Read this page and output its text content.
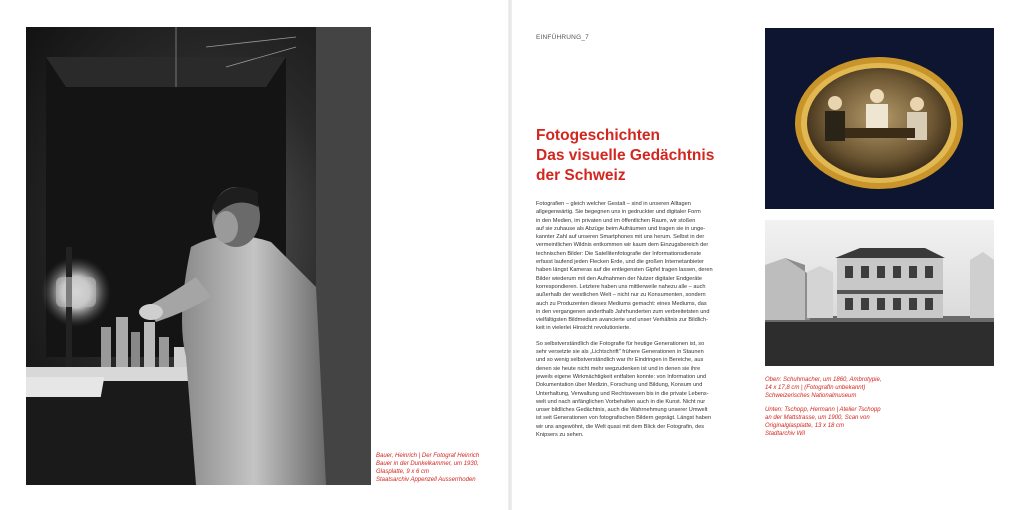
Bauer, Heinrich | Der Fotograf Heinrich
Bauer in der Dunkelkammer, um 1930,
Glasplatte, 9 x 6 cm
Staatsarchiv Appenzell Ausserrhoden
EINFÜHRUNG_7
Fotogeschichten
Das visuelle Gedächtnis
der Schweiz

Fotografien – gleich welcher Gestalt – sind in unseren Alltagen
allgegenwärtig. Sie begegnen uns in gedruckter und digitaler Form
in den Medien, im privaten und im öffentlichen Raum, wir stoßen
auf sie zuhause als Abzüge beim Aufräumen und tragen sie in unge-
kannter Zahl auf unseren Smartphones mit uns herum. Selbst in der
vermeintlichen Wildnis entkommen wir kaum dem Einzugsbereich der
technischen Bilder: Die Satellitenfotografie der Informationsdienste
erfasst laufend jeden Flecken Erde, und die großen Internetanbieter
haben längst Kameras auf die entlegensten Gipfel tragen lassen, deren
Bilder wiederum mit den Aufnahmen der Nutzer digitaler Endgeräte
korrespondieren. Letztere haben uns mittlerweile nahezu alle – auch
außerhalb der westlichen Welt – nicht nur zu Konsumenten, sondern
auch zu Produzenten dieses Mediums gemacht: eines Mediums, das
in den vergangenen anderthalb Jahrhunderten zum verbreitetsten und
vielfältigsten Bildmedium avancierte und unser Verhältnis zur Bildlich-
keit in vielerlei Hinsicht revolutionierte.

So selbstverständlich die Fotografie für heutige Generationen ist, so
sehr versetzte sie als „Lichtschrift" frühere Generationen in Staunen
und so wenig selbstverständlich war ihr Eindringen in Bereiche, aus
denen sie heute nicht mehr wegzudenken ist und in denen sie ihre
jeweils eigene Wirkmächtigkeit entfalten konnte: von Information und
Dokumentation über Medizin, Forschung und Bildung, Konsum und
Unterhaltung, Verwaltung und Rechtswesen bis in die private Lebens-
welt und nach anfänglichen Vorbehalten auch in die Kunst. Nicht nur
unser bildliches Gedächtnis, auch die Wahrnehmung unserer Umwelt
ist seit Generationen von fotografischen Bildern geprägt. Längst haben
wir uns angewöhnt, die Welt quasi mit dem Blick der Fotografin, des
Knipsers zu sehen.

Oben: Schuhmacher, um 1860, Ambrotypie,
14 x 17,8 cm | (FotografIn unbekannt)
Schweizerisches Nationalmuseum

Unten: Tschopp, Hermann | Atelier Tschopp
an der Mattstrasse, um 1900, Scan von
Originalglasplatte, 13 x 18 cm
Stadtarchiv Wil
